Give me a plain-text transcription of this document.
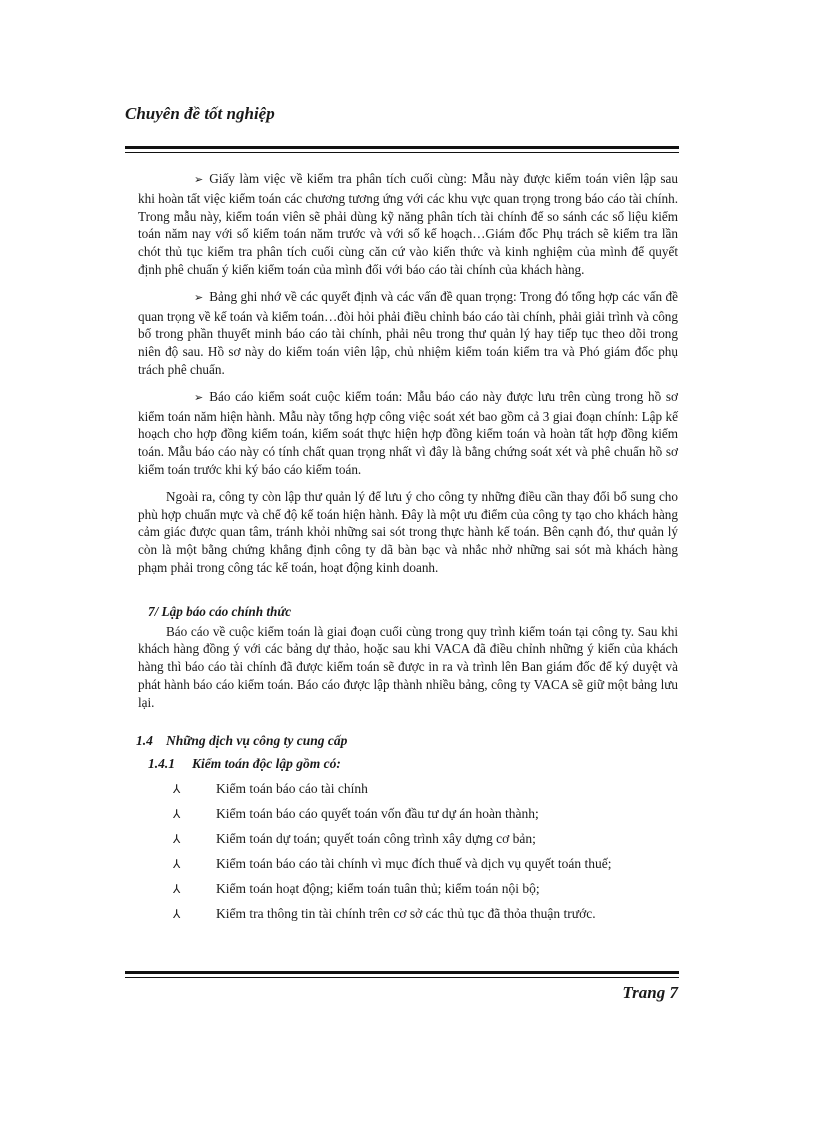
Chuyên đề tốt nghiệp

➢ Giấy làm việc về kiểm tra phân tích cuối cùng: Mẫu này được kiểm toán viên lập sau khi hoàn tất việc kiểm toán các chương tương ứng với các khu vực quan trọng trong báo cáo tài chính. Trong mẫu này, kiểm toán viên sẽ phải dùng kỹ năng phân tích tài chính để so sánh các số liệu kiểm toán năm nay với số kiểm toán năm trước và với số kế hoạch…Giám đốc Phụ trách sẽ kiểm tra lần chót thủ tục kiểm tra phân tích cuối cùng căn cứ vào kiến thức và kinh nghiệm của mình để quyết định phê chuẩn ý kiến kiểm toán của mình đối với báo cáo tài chính của khách hàng.

➢ Bảng ghi nhớ về các quyết định và các vấn đề quan trọng: Trong đó tổng hợp các vấn đề quan trọng về kế toán và kiểm toán…đòi hỏi phải điều chỉnh báo cáo tài chính, phải giải trình và công bố trong phần thuyết minh báo cáo tài chính, phải nêu trong thư quản lý hay tiếp tục theo dõi trong niên độ sau. Hồ sơ này do kiểm toán viên lập, chủ nhiệm kiểm toán kiểm tra và Phó giám đốc phụ trách phê chuẩn.

➢ Báo cáo kiểm soát cuộc kiểm toán: Mẫu báo cáo này được lưu trên cùng trong hồ sơ kiểm toán năm hiện hành. Mẫu này tổng hợp công việc soát xét bao gồm cả 3 giai đoạn chính: Lập kế hoạch cho hợp đồng kiểm toán, kiểm soát thực hiện hợp đồng kiểm toán và hoàn tất hợp đồng kiểm toán. Mẫu báo cáo này có tính chất quan trọng nhất vì đây là bằng chứng soát xét và phê chuẩn hồ sơ kiểm toán trước khi ký báo cáo kiểm toán.

Ngoài ra, công ty còn lập thư quản lý để lưu ý cho công ty những điều cần thay đổi bổ sung cho phù hợp chuẩn mực và chế độ kế toán hiện hành. Đây là một ưu điểm của công ty tạo cho khách hàng cảm giác được quan tâm, tránh khỏi những sai sót trong thực hành kế toán. Bên cạnh đó, thư quản lý còn là một bằng chứng khẳng định công ty dã bàn bạc và nhắc nhở những sai sót mà khách hàng phạm phải trong công tác kế toán, hoạt động kinh doanh.

7/ Lập báo cáo chính thức

Báo cáo về cuộc kiểm toán là giai đoạn cuối cùng trong quy trình kiểm toán tại công ty. Sau khi khách hàng đồng ý với các bảng dự thảo, hoặc sau khi VACA đã điều chỉnh những ý kiến của khách hàng thì báo cáo tài chính đã được kiểm toán sẽ được in ra và trình lên Ban giám đốc để ký duyệt và phát hành báo cáo kiểm toán. Báo cáo được lập thành nhiều bảng, công ty VACA sẽ giữ một bảng lưu lại.

1.4 Những dịch vụ công ty cung cấp
1.4.1 Kiểm toán độc lập gồm có:
⅄	Kiểm toán báo cáo tài chính
⅄	Kiểm toán báo cáo quyết toán vốn đầu tư dự án hoàn thành;
⅄	Kiểm toán dự toán; quyết toán công trình xây dựng cơ bản;
⅄	Kiểm toán báo cáo tài chính vì mục đích thuế và dịch vụ quyết toán thuế;
⅄	Kiểm toán hoạt động; kiểm toán tuân thủ; kiểm toán nội bộ;
⅄	Kiểm tra thông tin tài chính trên cơ sở các thủ tục đã thỏa thuận trước.
Trang 7
